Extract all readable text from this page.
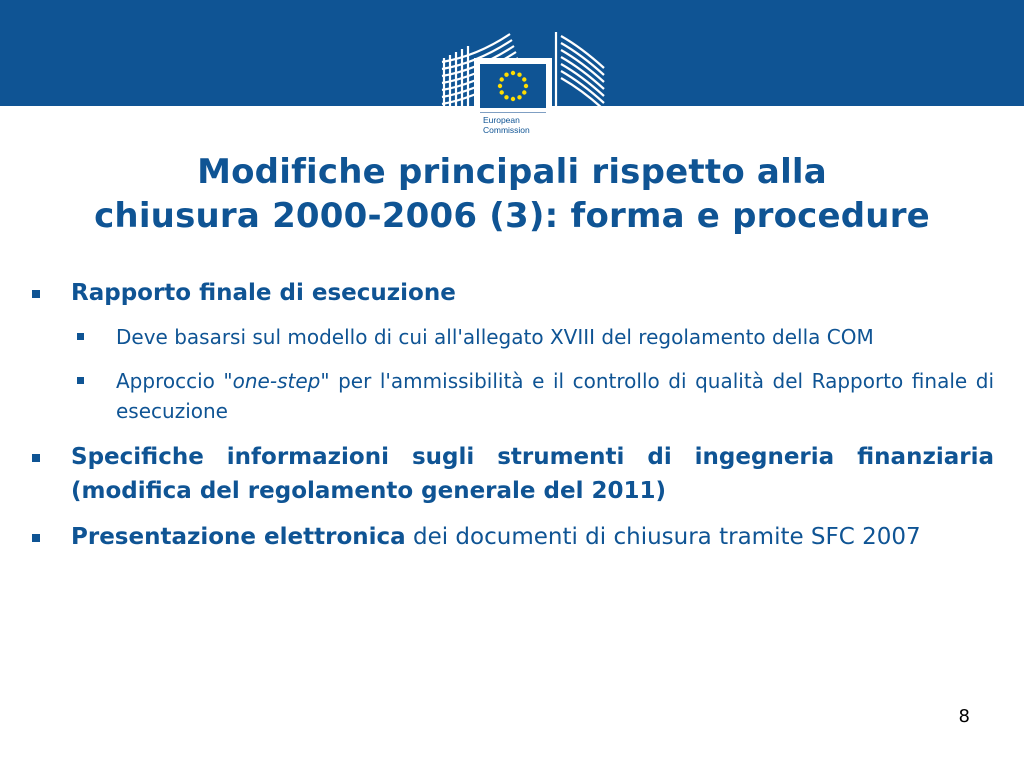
European
Commission
Modifiche principali rispetto alla
chiusura 2000-2006 (3): forma e procedure
Rapporto finale di esecuzione
Deve basarsi sul modello di cui all'allegato XVIII del regolamento della COM
Approccio "one-step" per l'ammissibilità e il controllo di qualità del Rapporto finale di esecuzione
Specifiche informazioni sugli strumenti di ingegneria finanziaria (modifica del regolamento generale del 2011)
Presentazione elettronica dei documenti di chiusura tramite SFC 2007
8
